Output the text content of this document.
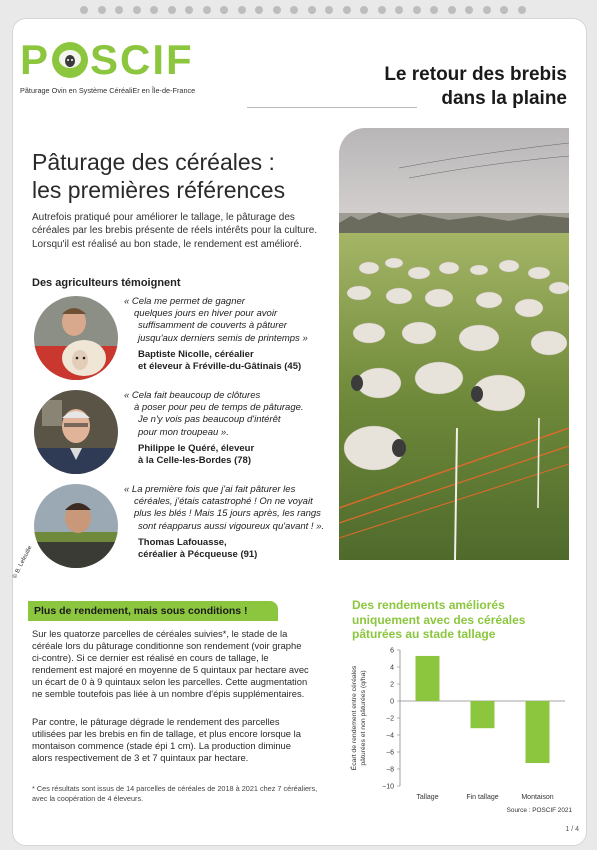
P SCIF
Pâturage Ovin en Système CéréaliEr en Île-de-France
Le retour des brebis
dans la plaine
Pâturage des céréales :
les premières références

Autrefois pratiqué pour améliorer le tallage, le pâturage des céréales par les brebis présente de réels intérêts pour la culture. Lorsqu'il est réalisé au bon stade, le rendement est amélioré.

Des agriculteurs témoignent
« Cela me permet de gagner
quelques jours en hiver pour avoir
suffisamment de couverts à pâturer
jusqu'aux derniers semis de printemps »
Baptiste Nicolle, céréalier
et éleveur à Fréville-du-Gâtinais (45)
« Cela fait beaucoup de clôtures
à poser pour peu de temps de pâturage.
Je n'y vois pas beaucoup d'intérêt
pour mon troupeau ».
Philippe le Quéré, éleveur
à la Celle-les-Bordes (78)
« La première fois que j'ai fait pâturer les
céréales, j'étais catastrophé ! On ne voyait
plus les blés ! Mais 15 jours après, les rangs
sont réapparus aussi vigoureux qu'avant ! ».
Thomas Lafouasse,
céréalier à Pécqueuse (91)
© B. Lefeuille
Plus de rendement, mais sous conditions !

Sur les quatorze parcelles de céréales suivies*, le stade de la céréale lors du pâturage conditionne son rendement (voir graphe ci-contre). Si ce dernier est réalisé en cours de tallage, le rendement est majoré en moyenne de 5 quintaux par hectare avec un écart de 0 à 9 quintaux selon les parcelles. Cette augmentation ne semble toutefois pas liée à un nombre d'épis supplémentaires.

Par contre, le pâturage dégrade le rendement des parcelles utilisées par les brebis en fin de tallage, et plus encore lorsque la montaison commence (stade épi 1 cm). La production diminue alors respectivement de 3 et 7 quintaux par hectare.

* Ces résultats sont issus de 14 parcelles de céréales de 2018 à 2021 chez 7 céréaliers, avec la coopération de 4 éleveurs.

Des rendements améliorés uniquement avec des céréales pâturées au stade tallage
6
4
2
0
−2
−4
−6
−8
−10
Écart de rendement entre céréales pâturées et non pâturées (q/ha)
Tallage	Fin tallage	Montaison
Source : POSCIF 2021
1 / 4
